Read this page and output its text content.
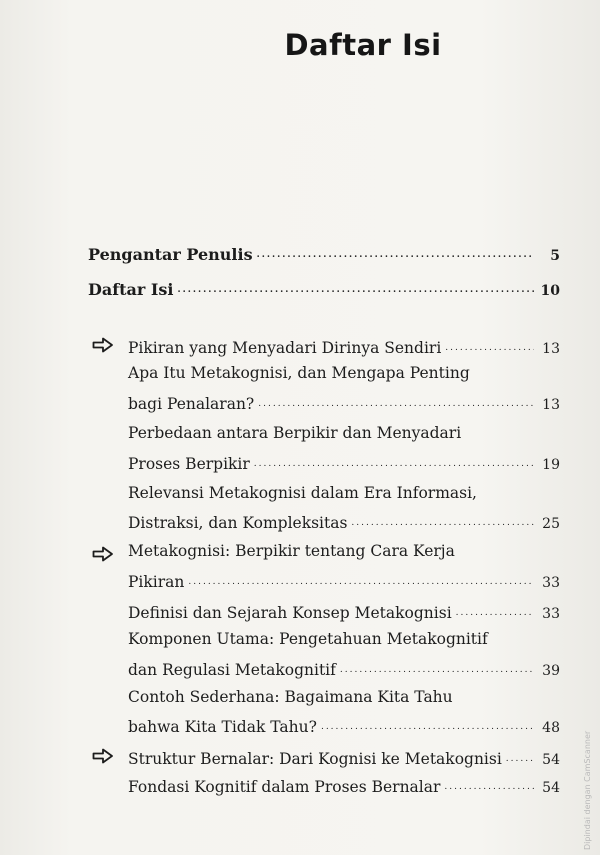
Daftar Isi
Pengantar Penulis .....	5
Daftar Isi .....	10
Pikiran yang Menyadari Dirinya Sendiri .....	13
Apa Itu Metakognisi, dan Mengapa Penting
bagi Penalaran? .....	13
Perbedaan antara Berpikir dan Menyadari
Proses Berpikir .....	19
Relevansi Metakognisi dalam Era Informasi,
Distraksi, dan Kompleksitas .....	25
Metakognisi: Berpikir tentang Cara Kerja
Pikiran .....	33
Definisi dan Sejarah Konsep Metakognisi .....	33
Komponen Utama: Pengetahuan Metakognitif
dan Regulasi Metakognitif .....	39
Contoh Sederhana: Bagaimana Kita Tahu
bahwa Kita Tidak Tahu? .....	48
Struktur Bernalar: Dari Kognisi ke Metakognisi .....	54
Fondasi Kognitif dalam Proses Bernalar .....	54	Dipindai dengan CamScanner
